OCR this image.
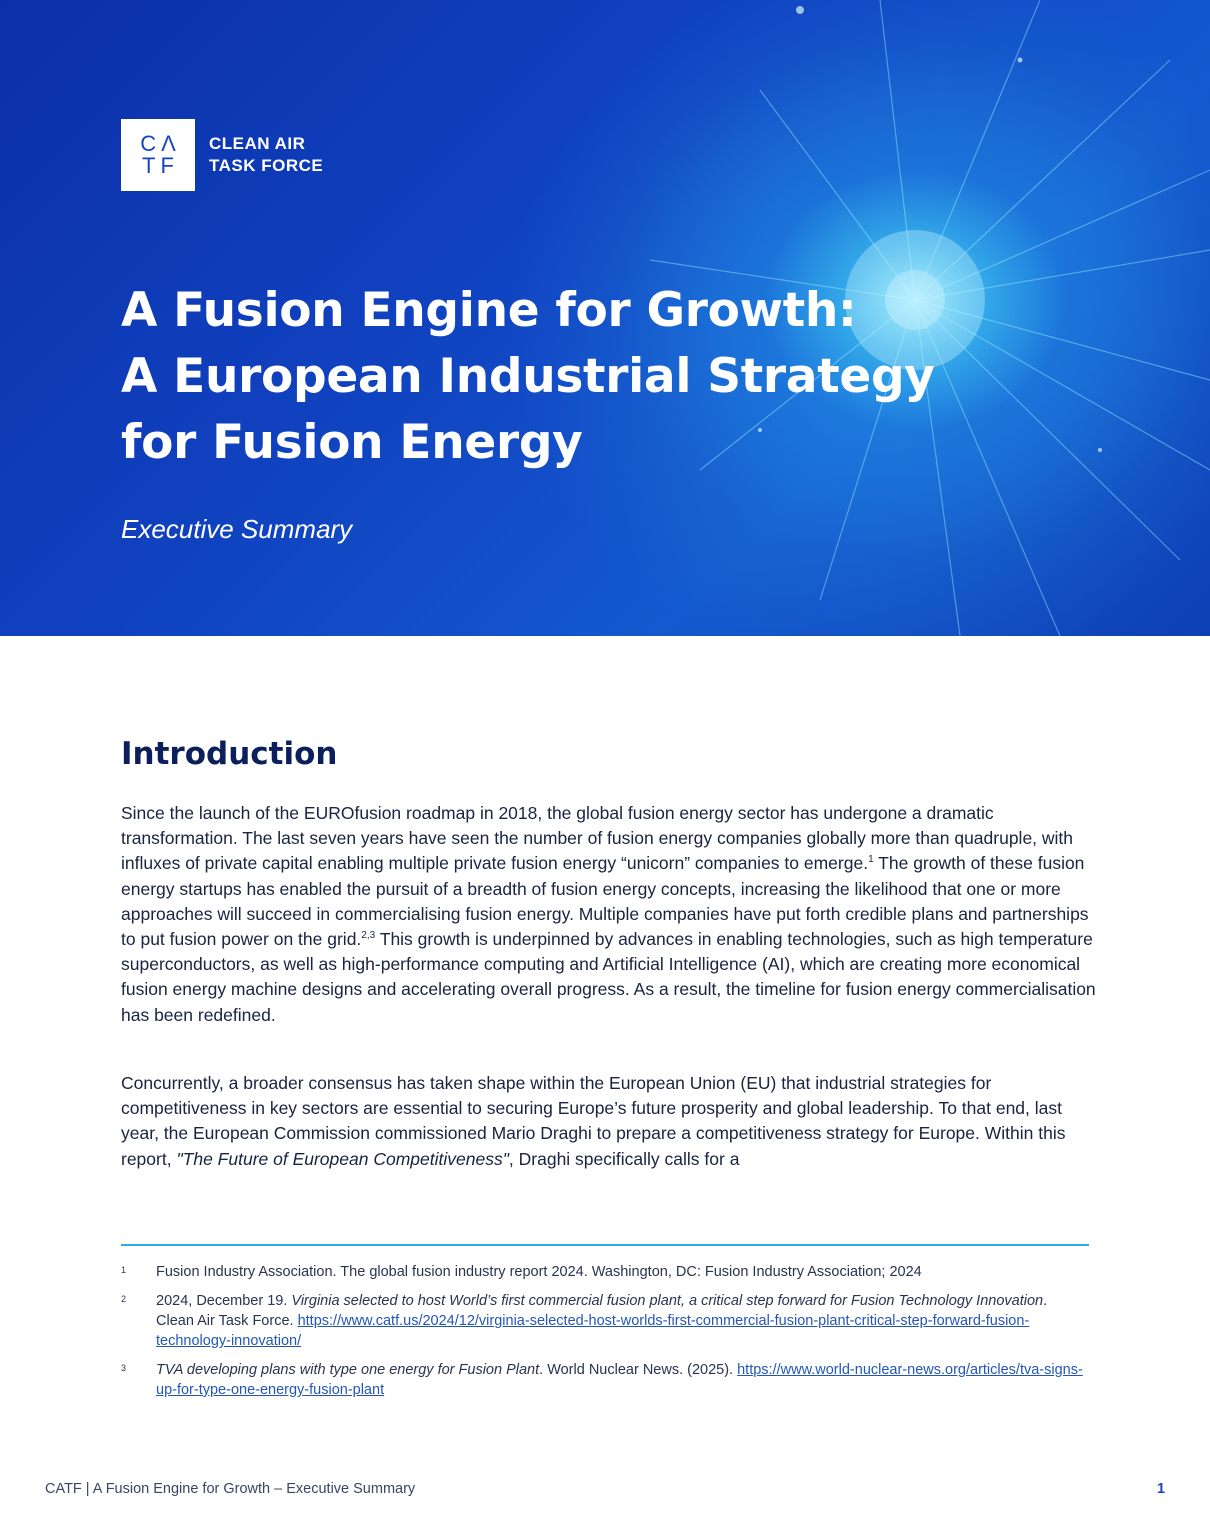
CΛ
TF
CLEAN AIR
TASK FORCE
A Fusion Engine for Growth:
A European Industrial Strategy
for Fusion Energy

Executive Summary

Introduction

Since the launch of the EUROfusion roadmap in 2018, the global fusion energy sector has undergone a dramatic transformation. The last seven years have seen the number of fusion energy companies globally more than quadruple, with influxes of private capital enabling multiple private fusion energy “unicorn” companies to emerge.$^1$ The growth of these fusion energy startups has enabled the pursuit of a breadth of fusion energy concepts, increasing the likelihood that one or more approaches will succeed in commercialising fusion energy. Multiple companies have put forth credible plans and partnerships to put fusion power on the grid.$^{2,3}$ This growth is underpinned by advances in enabling technologies, such as high temperature superconductors, as well as high-performance computing and Artificial Intelligence (AI), which are creating more economical fusion energy machine designs and accelerating overall progress. As a result, the timeline for fusion energy commercialisation has been redefined.

Concurrently, a broader consensus has taken shape within the European Union (EU) that industrial strategies for competitiveness in key sectors are essential to securing Europe’s future prosperity and global leadership. To that end, last year, the European Commission commissioned Mario Draghi to prepare a competitiveness strategy for Europe. Within this report, "The Future of European Competitiveness", Draghi specifically calls for a

1 Fusion Industry Association. The global fusion industry report 2024. Washington, DC: Fusion Industry Association; 2024
2 2024, December 19. Virginia selected to host World’s first commercial fusion plant, a critical step forward for Fusion Technology Innovation. Clean Air Task Force. https://www.catf.us/2024/12/virginia-selected-host-worlds-first-commercial-fusion-plant-critical-step-forward-fusion-technology-innovation/
3 TVA developing plans with type one energy for Fusion Plant. World Nuclear News. (2025). https://www.world-nuclear-news.org/articles/tva-signs-up-for-type-one-energy-fusion-plant
CATF | A Fusion Engine for Growth – Executive Summary	1
